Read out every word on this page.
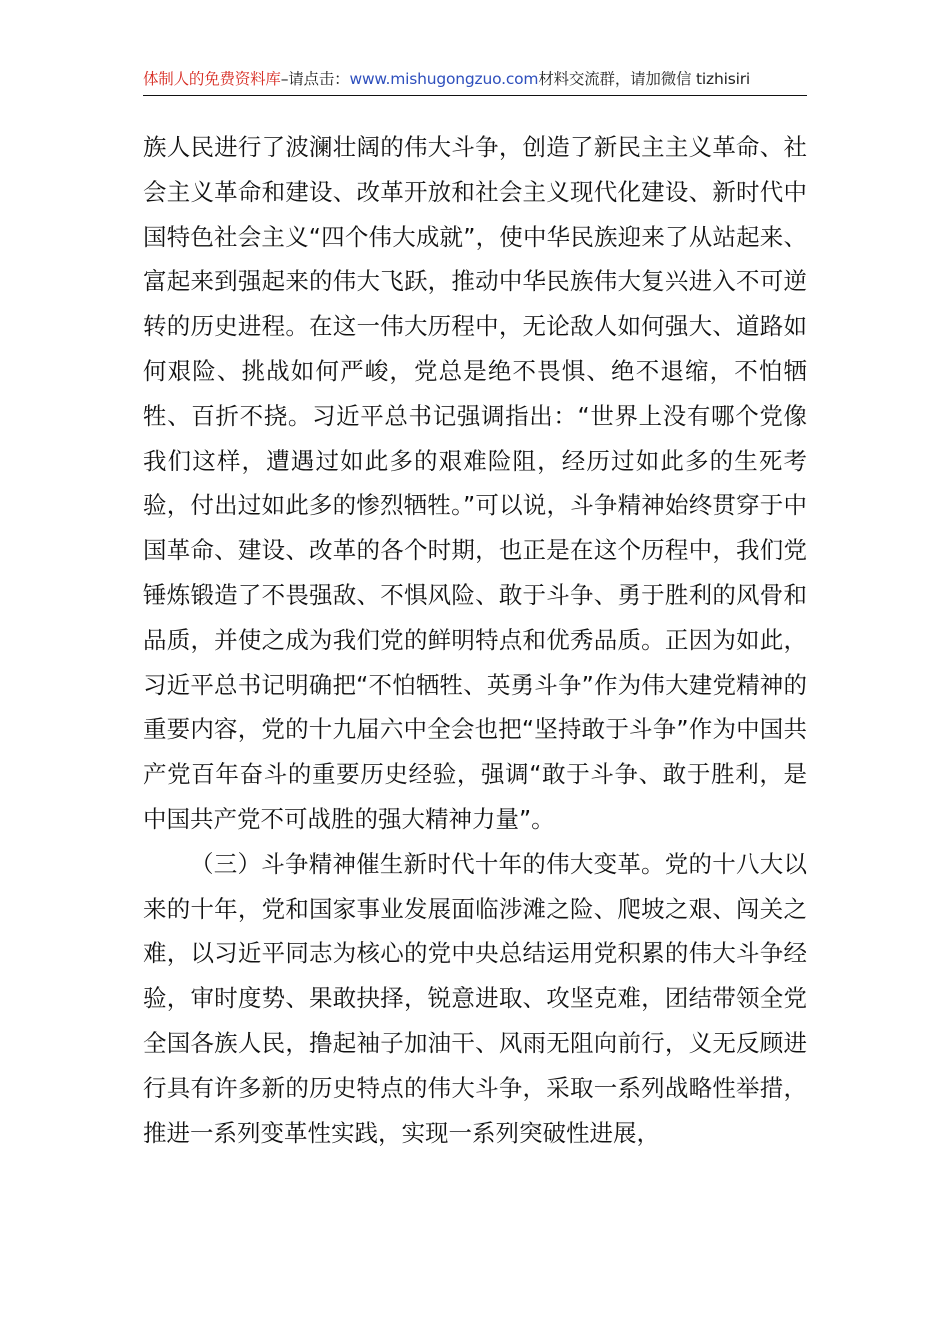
体制人的免费资料库–请点击：www.mishugongzuo.com材料交流群，请加微信 tizhisiri

族人民进行了波澜壮阔的伟大斗争，创造了新民主主义革命、社会主义革命和建设、改革开放和社会主义现代化建设、新时代中国特色社会主义“四个伟大成就”，使中华民族迎来了从站起来、富起来到强起来的伟大飞跃，推动中华民族伟大复兴进入不可逆转的历史进程。在这一伟大历程中，无论敌人如何强大、道路如何艰险、挑战如何严峻，党总是绝不畏惧、绝不退缩，不怕牺牲、百折不挠。习近平总书记强调指出：“世界上没有哪个党像我们这样，遭遇过如此多的艰难险阻，经历过如此多的生死考验，付出过如此多的惨烈牺牲。”可以说，斗争精神始终贯穿于中国革命、建设、改革的各个时期，也正是在这个历程中，我们党锤炼锻造了不畏强敌、不惧风险、敢于斗争、勇于胜利的风骨和品质，并使之成为我们党的鲜明特点和优秀品质。正因为如此，习近平总书记明确把“不怕牺牲、英勇斗争”作为伟大建党精神的重要内容，党的十九届六中全会也把“坚持敢于斗争”作为中国共产党百年奋斗的重要历史经验，强调“敢于斗争、敢于胜利，是中国共产党不可战胜的强大精神力量”。

（三）斗争精神催生新时代十年的伟大变革。党的十八大以来的十年，党和国家事业发展面临涉滩之险、爬坡之艰、闯关之难，以习近平同志为核心的党中央总结运用党积累的伟大斗争经验，审时度势、果敢抉择，锐意进取、攻坚克难，团结带领全党全国各族人民，撸起袖子加油干、风雨无阻向前行，义无反顾进行具有许多新的历史特点的伟大斗争，采取一系列战略性举措，推进一系列变革性实践，实现一系列突破性进展，
